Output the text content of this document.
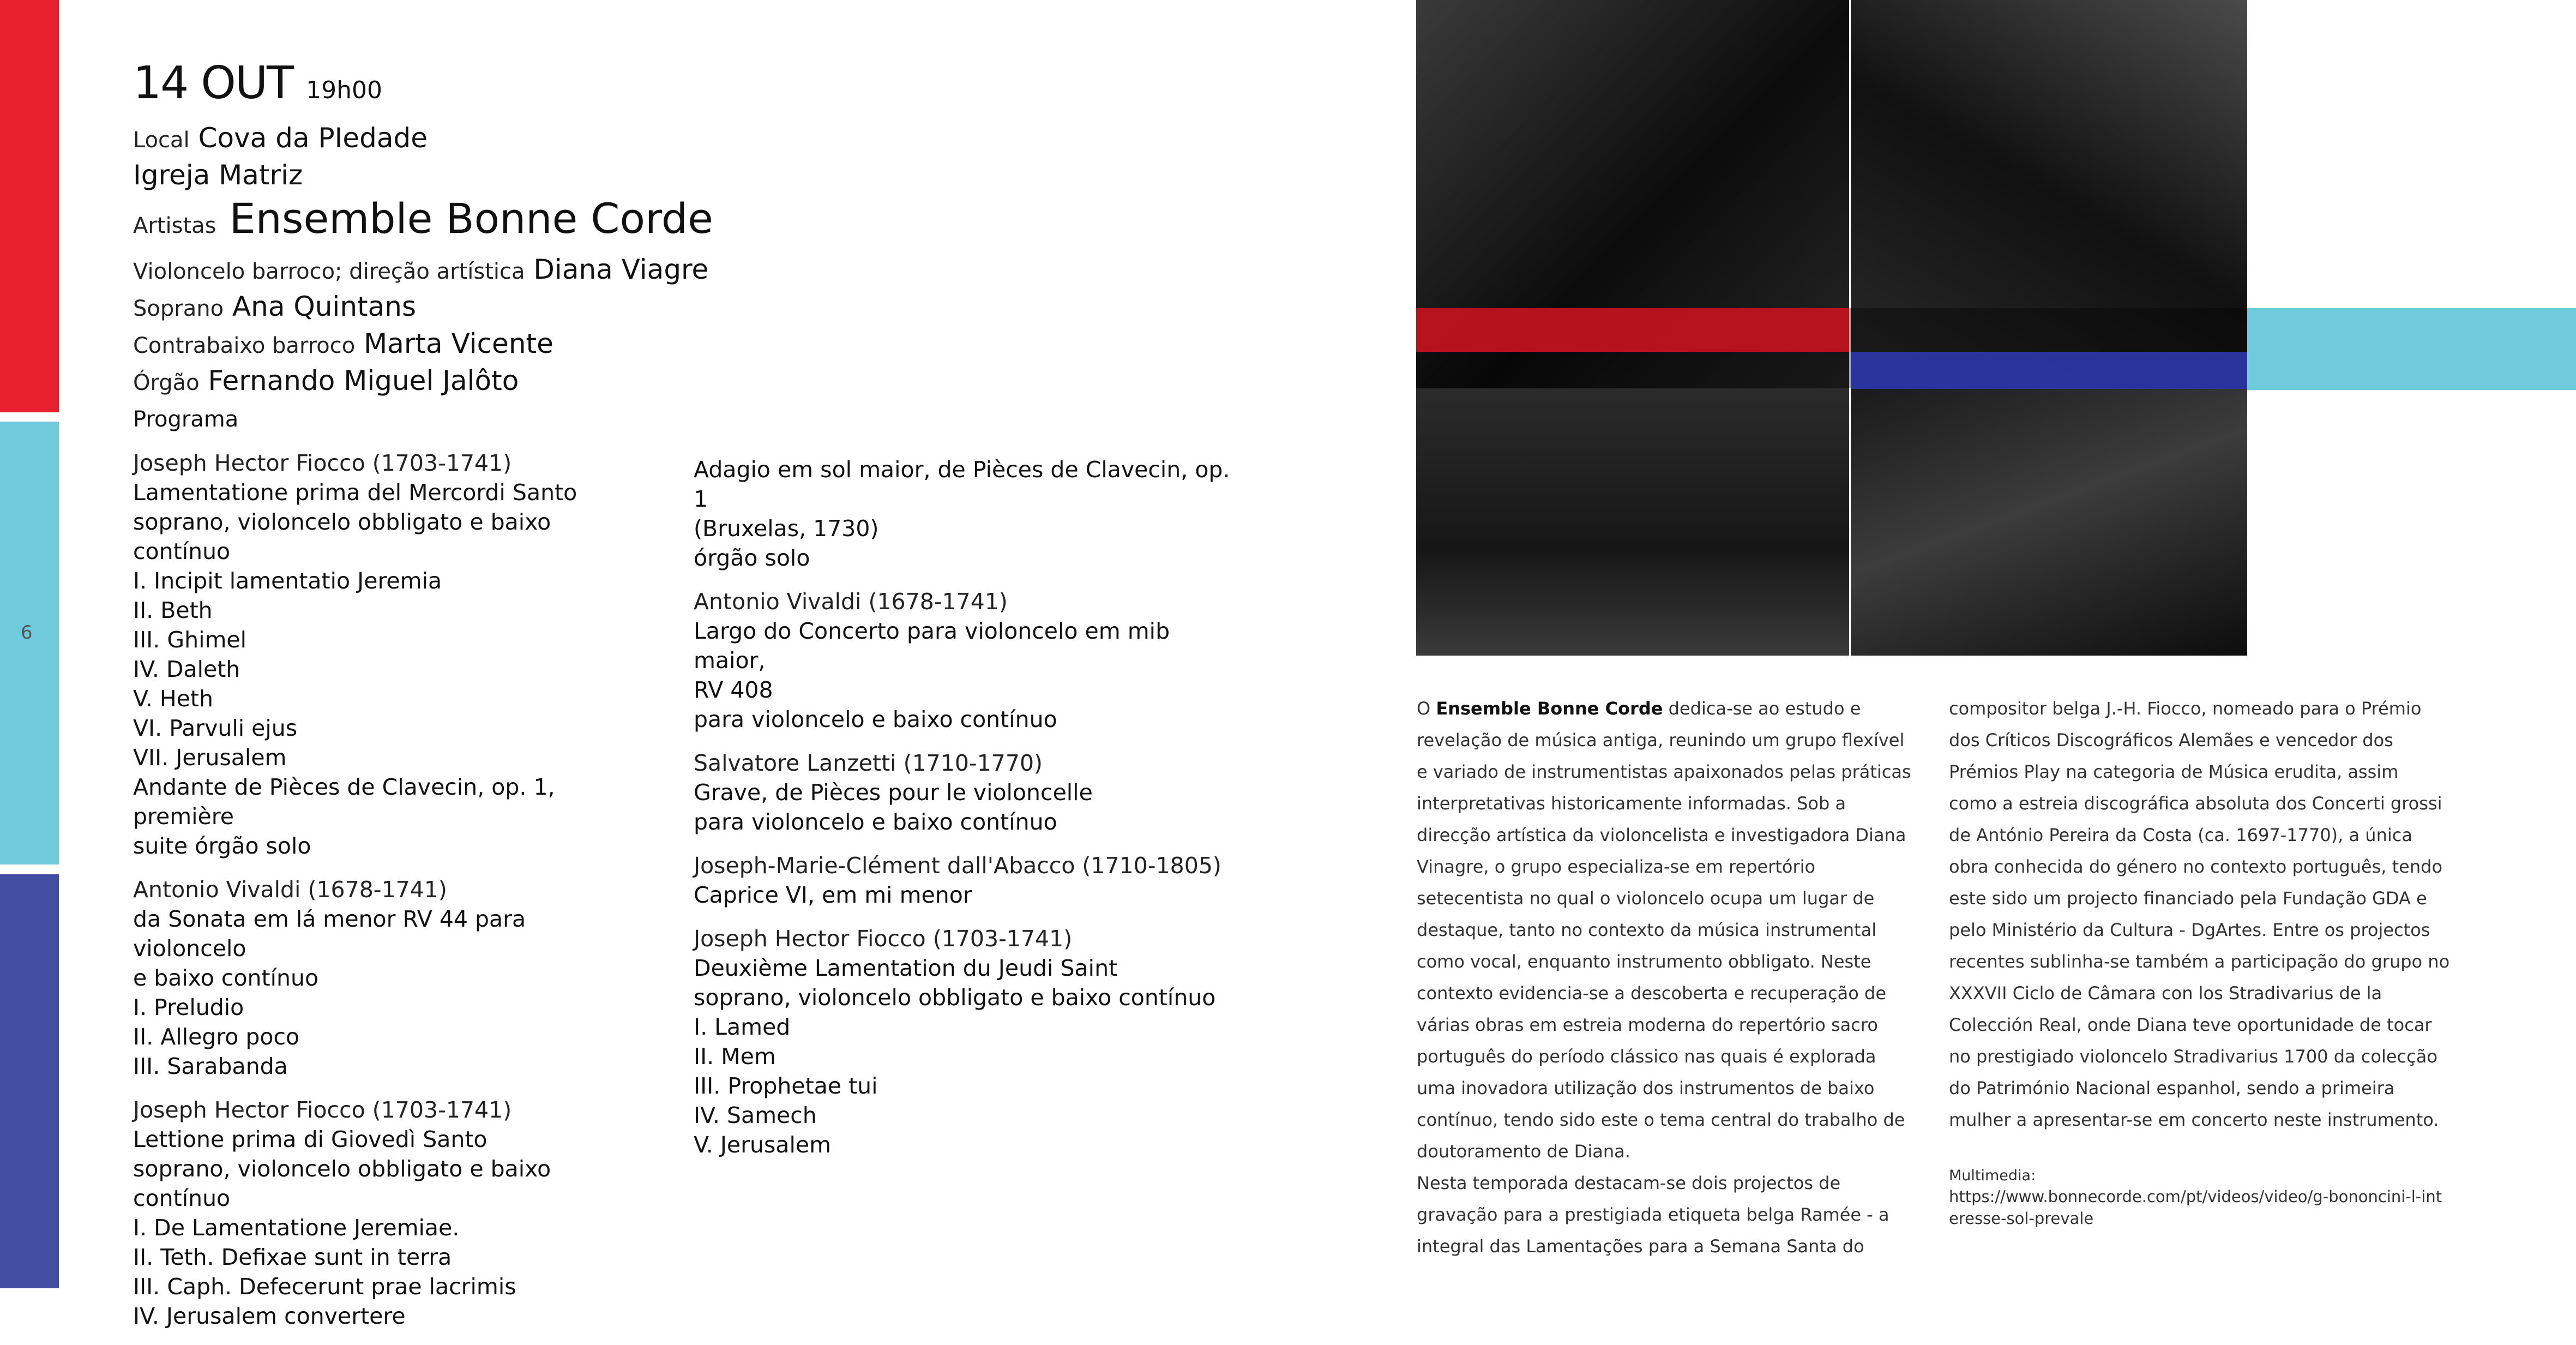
6
14 OUT 19h00
Local Cova da PIedade
Igreja Matriz
Artistas Ensemble Bonne Corde
Violoncelo barroco; direção artística Diana Viagre
Soprano Ana Quintans
Contrabaixo barroco Marta Vicente
Órgão Fernando Miguel Jalôto
Programa
Joseph Hector Fiocco (1703-1741)
Lamentatione prima del Mercordi Santo
soprano, violoncelo obbligato e baixo contínuo
I. Incipit lamentatio Jeremia
II. Beth
III. Ghimel
IV. Daleth
V. Heth
VI. Parvuli ejus
VII. Jerusalem
Andante de Pièces de Clavecin, op. 1, première
suite órgão solo
Antonio Vivaldi (1678-1741)
da Sonata em lá menor RV 44 para violoncelo
e baixo contínuo
I. Preludio
II. Allegro poco
III. Sarabanda
Joseph Hector Fiocco (1703-1741)
Lettione prima di Giovedì Santo
soprano, violoncelo obbligato e baixo contínuo
I. De Lamentatione Jeremiae.
II. Teth. Defixae sunt in terra
III. Caph. Defecerunt prae lacrimis
IV. Jerusalem convertere
Adagio em sol maior, de Pièces de Clavecin, op. 1
(Bruxelas, 1730)
órgão solo
Antonio Vivaldi (1678-1741)
Largo do Concerto para violoncelo em mib maior,
RV 408
para violoncelo e baixo contínuo
Salvatore Lanzetti (1710-1770)
Grave, de Pièces pour le violoncelle
para violoncelo e baixo contínuo
Joseph-Marie-Clément dall'Abacco (1710-1805)
Caprice VI, em mi menor
Joseph Hector Fiocco (1703-1741)
Deuxième Lamentation du Jeudi Saint
soprano, violoncelo obbligato e baixo contínuo
I. Lamed
II. Mem
III. Prophetae tui
IV. Samech
V. Jerusalem
O Ensemble Bonne Corde dedica-se ao estudo e revelação de música antiga, reunindo um grupo flexível e variado de instrumentistas apaixonados pelas práticas interpretativas historicamente informadas. Sob a direcção artística da violoncelista e investigadora Diana Vinagre, o grupo especializa-se em repertório setecentista no qual o violoncelo ocupa um lugar de destaque, tanto no contexto da música instrumental como vocal, enquanto instrumento obbligato. Neste contexto evidencia-se a descoberta e recuperação de várias obras em estreia moderna do repertório sacro português do período clássico nas quais é explorada uma inovadora utilização dos instrumentos de baixo contínuo, tendo sido este o tema central do trabalho de doutoramento de Diana.
Nesta temporada destacam-se dois projectos de gravação para a prestigiada etiqueta belga Ramée - a integral das Lamentações para a Semana Santa do
compositor belga J.-H. Fiocco, nomeado para o Prémio dos Críticos Discográficos Alemães e vencedor dos Prémios Play na categoria de Música erudita, assim como a estreia discográfica absoluta dos Concerti grossi de António Pereira da Costa (ca. 1697-1770), a única obra conhecida do género no contexto português, tendo este sido um projecto financiado pela Fundação GDA e pelo Ministério da Cultura - DgArtes. Entre os projectos recentes sublinha-se também a participação do grupo no XXXVII Ciclo de Câmara con los Stradivarius de la Colección Real, onde Diana teve oportunidade de tocar no prestigiado violoncelo Stradivarius 1700 da colecção do Património Nacional espanhol, sendo a primeira mulher a apresentar-se em concerto neste instrumento.
Multimedia:
https://www.bonnecorde.com/pt/videos/video/g-bononcini-l-interesse-sol-prevale
